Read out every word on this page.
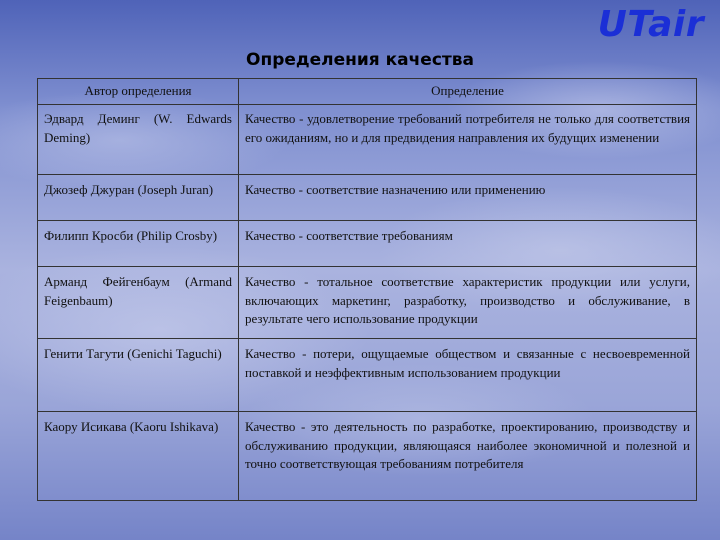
UTair
Определения качества
Автор определения	Определение
Эдвард Деминг (W. Edwards Deming)	Качество - удовлетворение требований потребителя не только для соответствия его ожиданиям, но и для предвидения направления их будущих изменении
Джозеф Джуран (Joseph Juran)	Качество - соответствие назначению или применению
Филипп Кросби (Philip Crosby)	Качество - соответствие требованиям
Арманд Фейгенбаум (Armand Feigenbaum)	Качество - тотальное соответствие характеристик продукции или услуги, включающих маркетинг, разработку, производство и обслуживание, в результате чего использование продукции
Генити Тагути (Genichi Taguchi)	Качество - потери, ощущаемые обществом и связанные с несвоевременной поставкой и неэффективным использованием продукции
Каору Исикава (Kaoru Ishikava)	Качество - это деятельность по разработке, проектированию, производству и обслуживанию продукции, являющаяся наиболее экономичной и полезной и точно соответствующая требованиям потребителя
